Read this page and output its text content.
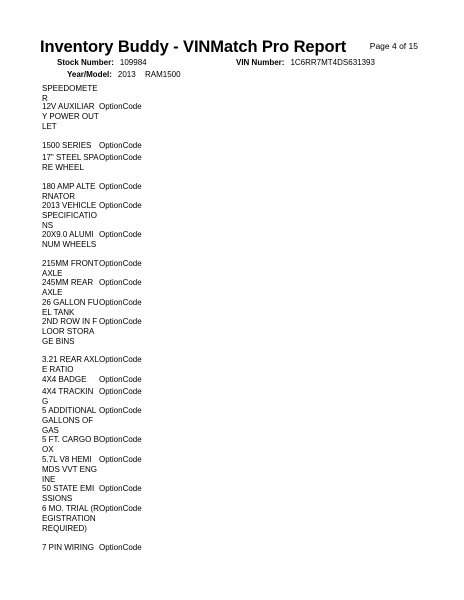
Inventory Buddy - VINMatch Pro Report	Page 4 of 15
Stock Number: 109984	VIN Number: 1C6RR7MT4DS631393
Year/Model: 2013 RAM1500
SPEEDOMETER
12V AUXILIARY POWER OUTLET
OptionCode
1500 SERIES OptionCode
17" STEEL SPARE WHEEL
OptionCode
180 AMP ALTERNATOR
OptionCode
2013 VEHICLE SPECIFICATIONS
OptionCode
20X9.0 ALUMINUM WHEELS
OptionCode
215MM FRONT AXLE
OptionCode
245MM REAR AXLE
OptionCode
26 GALLON FUEL TANK
OptionCode
2ND ROW IN FLOOR STORAGE BINS
OptionCode
3.21 REAR AXLE RATIO
OptionCode
4X4 BADGE OptionCode
4X4 TRACKING
OptionCode
5 ADDITIONAL GALLONS OF GAS
OptionCode
5 FT. CARGO BOX
OptionCode
5.7L V8 HEMI MDS VVT ENGINE
OptionCode
50 STATE EMISSIONS
OptionCode
6 MO. TRIAL (REGISTRATION REQUIRED)
OptionCode
7 PIN WIRING OptionCode
